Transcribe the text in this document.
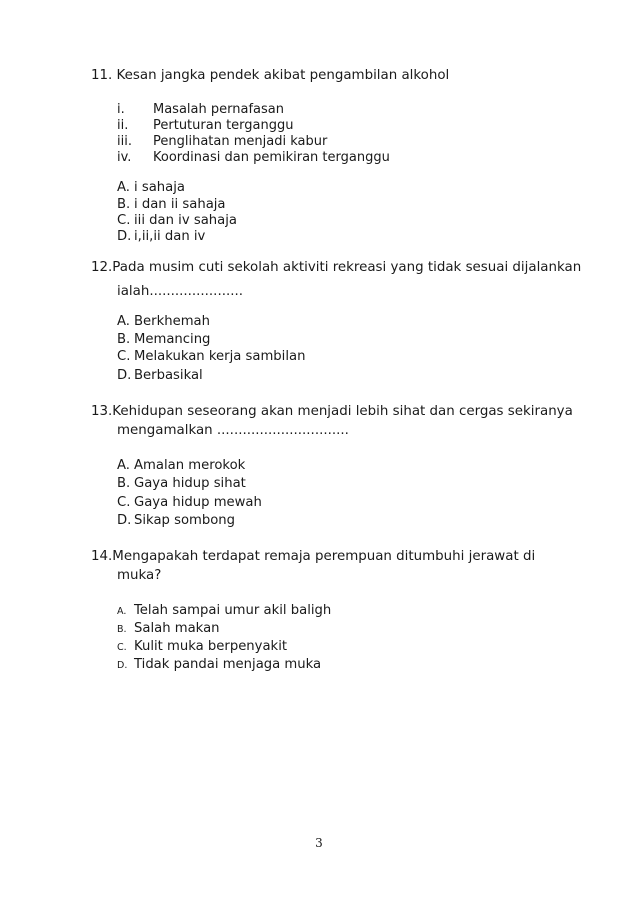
11. Kesan jangka pendek akibat pengambilan alkohol
i. Masalah pernafasan
ii. Pertuturan terganggu
iii. Penglihatan menjadi kabur
iv. Koordinasi dan pemikiran terganggu
A. i sahaja
B. i dan ii sahaja
C. iii dan iv sahaja
D. i,ii,ii dan iv
12.Pada musim cuti sekolah aktiviti rekreasi yang tidak sesuai dijalankan
ialah......................
A. Berkhemah
B. Memancing
C. Melakukan kerja sambilan
D. Berbasikal
13.Kehidupan seseorang akan menjadi lebih sihat dan cergas sekiranya
mengamalkan ...............................
A. Amalan merokok
B. Gaya hidup sihat
C. Gaya hidup mewah
D. Sikap sombong
14.Mengapakah terdapat remaja perempuan ditumbuhi jerawat di
muka?
A. Telah sampai umur akil baligh
B. Salah makan
C. Kulit muka berpenyakit
D. Tidak pandai menjaga muka
3
